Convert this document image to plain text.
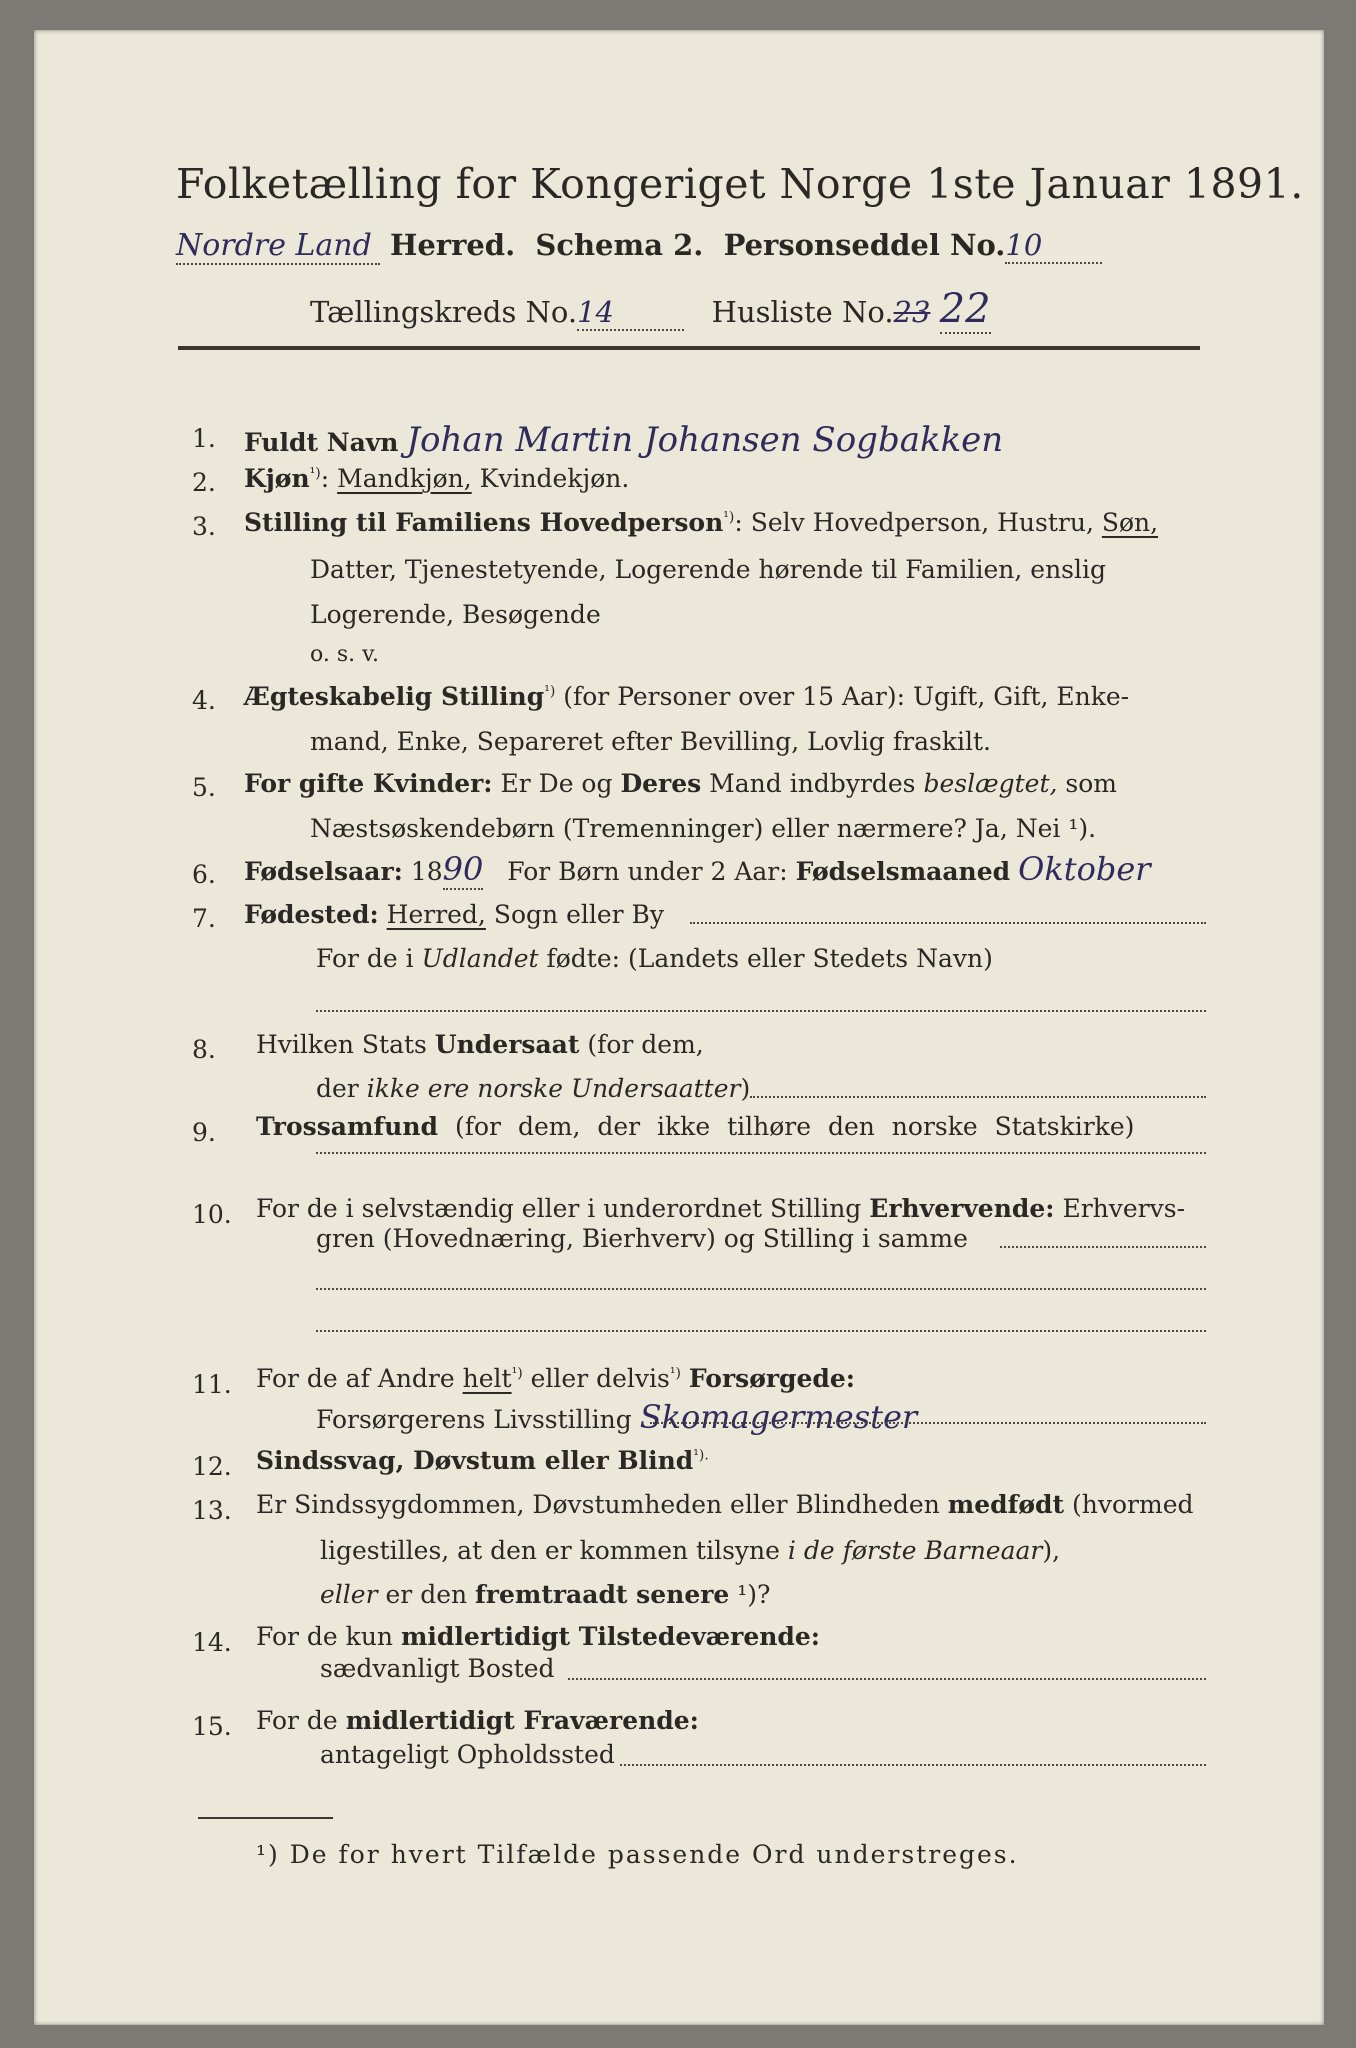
Folketælling for Kongeriget Norge 1ste Januar 1891.
Nordre Land Herred. Schema 2. Personseddel No.10
Tællingskreds No.14	Husliste No.23 22
1.	Fuldt Navn Johan Martin Johansen Sogbakken
2.	Kjøn$^{^1)}$: Mandkjøn, Kvindekjøn.
3.	Stilling til Familiens Hovedperson$^{^1)}$: Selv Hovedperson, Hustru, Søn,
Datter, Tjenestetyende, Logerende hørende til Familien, enslig
Logerende, Besøgende
o. s. v.
4.	Ægteskabelig Stilling$^{^1)}$ (for Personer over 15 Aar): Ugift, Gift, Enke-
mand, Enke, Separeret efter Bevilling, Lovlig fraskilt.
5.	For gifte Kvinder: Er De og Deres Mand indbyrdes beslægtet, som
Næstsøskendebørn (Tremenninger) eller nærmere? Ja, Nei ¹).
6.	Fødselsaar: 1890 For Børn under 2 Aar: Fødselsmaaned Oktober
7.	Fødested: Herred, Sogn eller By
For de i Udlandet fødte: (Landets eller Stedets Navn)
8.	Hvilken Stats Undersaat (for dem,
der ikke ere norske Undersaatter)
9.	Trossamfund (for dem, der ikke tilhøre den norske Statskirke)
10. For de i selvstændig eller i underordnet Stilling Erhvervende: Erhvervs-
gren (Hovednæring, Bierhverv) og Stilling i samme
11. For de af Andre helt$^{^1)}$ eller delvis$^{^1)}$ Forsørgede:
Forsørgerens Livsstilling Skomagermester
12. Sindssvag, Døvstum eller Blind$^{^1).}$
13. Er Sindssygdommen, Døvstumheden eller Blindheden medfødt (hvormed
ligestilles, at den er kommen tilsyne i de første Barneaar),
eller er den fremtraadt senere ¹)?
14. For de kun midlertidigt Tilstedeværende:
sædvanligt Bosted
15. For de midlertidigt Fraværende:
antageligt Opholdssted
¹) De for hvert Tilfælde passende Ord understreges.
